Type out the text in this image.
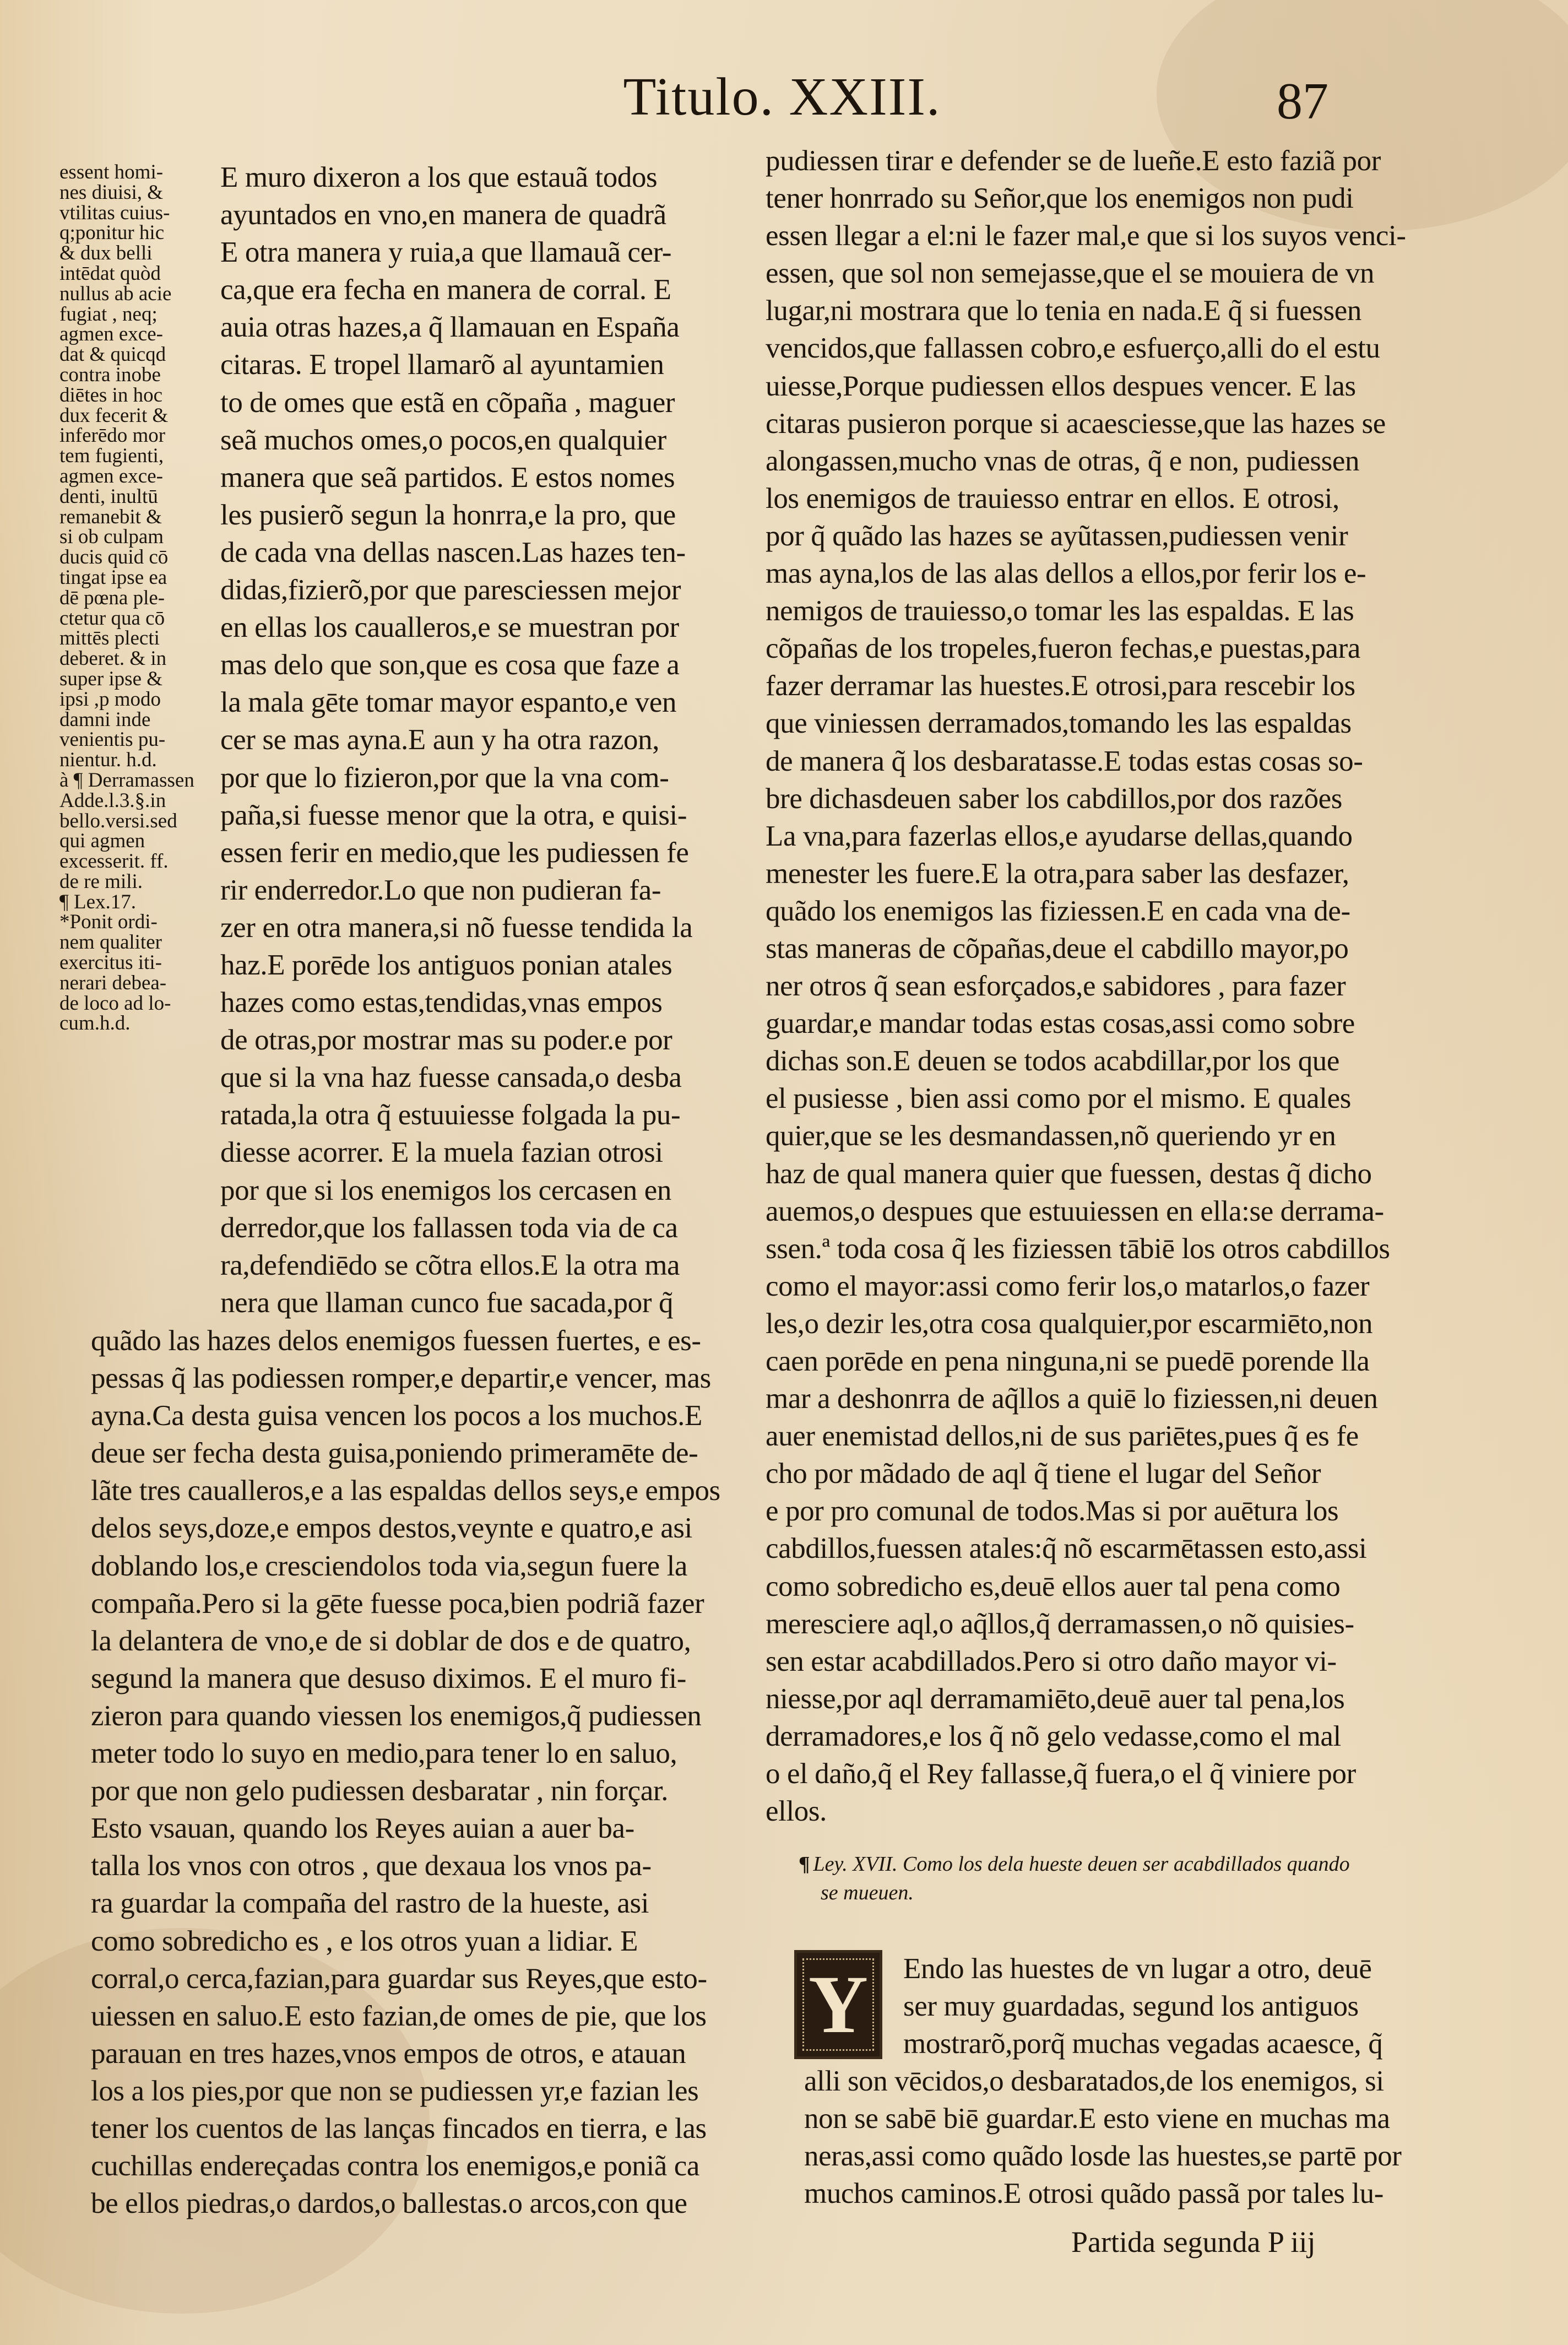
Titulo. XXIII.	87
essent homi-
nes diuisi, &
vtilitas cuius-
q;ponitur hic
& dux belli
intēdat quòd
nullus ab acie
fugiat , neq;
agmen exce-
dat & quicqd
contra inobe
diētes in hoc
dux fecerit &
inferēdo mor
tem fugienti,
agmen exce-
denti, inultū
remanebit &
si ob culpam
ducis quid cō
tingat ipse ea
dē pœna ple-
ctetur qua cō
mittēs plecti
deberet. & in
super ipse &
ipsi ,p modo
damni inde
venientis pu-
nientur. h.d.
à ¶ Derramassen
Adde.l.3.§.in
bello.versi.sed
qui agmen
excesserit. ff.
de re mili.
¶ Lex.17.
*Ponit ordi-
nem qualiter
exercitus iti-
nerari debea-
de loco ad lo-
cum.h.d.
E muro dixeron a los que estauã todos
ayuntados en vno,en manera de quadrã
E otra manera y ruia,a que llamauã cer-
ca,que era fecha en manera de corral. E
auia otras hazes,a q̃ llamauan en España
citaras. E tropel llamarõ al ayuntamien
to de omes que estã en cõpaña , maguer
seã muchos omes,o pocos,en qualquier
manera que seã partidos. E estos nomes
les pusierõ segun la honrra,e la pro, que
de cada vna dellas nascen.Las hazes ten-
didas,fizierõ,por que paresciessen mejor
en ellas los caualleros,e se muestran por
mas delo que son,que es cosa que faze a
la mala gēte tomar mayor espanto,e ven
cer se mas ayna.E aun y ha otra razon,
por que lo fizieron,por que la vna com-
paña,si fuesse menor que la otra, e quisi-
essen ferir en medio,que les pudiessen fe
rir enderredor.Lo que non pudieran fa-
zer en otra manera,si nõ fuesse tendida la
haz.E porēde los antiguos ponian atales
hazes como estas,tendidas,vnas empos
de otras,por mostrar mas su poder.e por
que si la vna haz fuesse cansada,o desba
ratada,la otra q̃ estuuiesse folgada la pu-
diesse acorrer. E la muela fazian otrosi
por que si los enemigos los cercasen en
derredor,que los fallassen toda via de ca
ra,defendiēdo se cõtra ellos.E la otra ma
nera que llaman cunco fue sacada,por q̃
quãdo las hazes delos enemigos fuessen fuertes, e es-
pessas q̃ las podiessen romper,e departir,e vencer, mas
ayna.Ca desta guisa vencen los pocos a los muchos.E
deue ser fecha desta guisa,poniendo primeramēte de-
lãte tres caualleros,e a las espaldas dellos seys,e empos
delos seys,doze,e empos destos,veynte e quatro,e asi
doblando los,e cresciendolos toda via,segun fuere la
compaña.Pero si la gēte fuesse poca,bien podriã fazer
la delantera de vno,e de si doblar de dos e de quatro,
segund la manera que desuso diximos. E el muro fi-
zieron para quando viessen los enemigos,q̃ pudiessen
meter todo lo suyo en medio,para tener lo en saluo,
por que non gelo pudiessen desbaratar , nin forçar.
Esto vsauan, quando los Reyes auian a auer ba-
talla los vnos con otros , que dexaua los vnos pa-
ra guardar la compaña del rastro de la hueste, asi
como sobredicho es , e los otros yuan a lidiar. E
corral,o cerca,fazian,para guardar sus Reyes,que esto-
uiessen en saluo.E esto fazian,de omes de pie, que los
parauan en tres hazes,vnos empos de otros, e atauan
los a los pies,por que non se pudiessen yr,e fazian les
tener los cuentos de las lanças fincados en tierra, e las
cuchillas endereçadas contra los enemigos,e poniã ca
be ellos piedras,o dardos,o ballestas.o arcos,con que
pudiessen tirar e defender se de lueñe.E esto faziã por
tener honrrado su Señor,que los enemigos non pudi
essen llegar a el:ni le fazer mal,e que si los suyos venci-
essen, que sol non semejasse,que el se mouiera de vn
lugar,ni mostrara que lo tenia en nada.E q̃ si fuessen
vencidos,que fallassen cobro,e esfuerço,alli do el estu
uiesse,Porque pudiessen ellos despues vencer. E las
citaras pusieron porque si acaesciesse,que las hazes se
alongassen,mucho vnas de otras, q̃ e non, pudiessen
los enemigos de trauiesso entrar en ellos. E otrosi,
por q̃ quãdo las hazes se ayũtassen,pudiessen venir
mas ayna,los de las alas dellos a ellos,por ferir los e-
nemigos de trauiesso,o tomar les las espaldas. E las
cõpañas de los tropeles,fueron fechas,e puestas,para
fazer derramar las huestes.E otrosi,para rescebir los
que viniessen derramados,tomando les las espaldas
de manera q̃ los desbaratasse.E todas estas cosas so-
bre dichasdeuen saber los cabdillos,por dos razões
La vna,para fazerlas ellos,e ayudarse dellas,quando
menester les fuere.E la otra,para saber las desfazer,
quãdo los enemigos las fiziessen.E en cada vna de-
stas maneras de cõpañas,deue el cabdillo mayor,po
ner otros q̃ sean esforçados,e sabidores , para fazer
guardar,e mandar todas estas cosas,assi como sobre
dichas son.E deuen se todos acabdillar,por los que
el pusiesse , bien assi como por el mismo. E quales
quier,que se les desmandassen,nõ queriendo yr en
haz de qual manera quier que fuessen, destas q̃ dicho
auemos,o despues que estuuiessen en ella:se derrama-
ssen.ª toda cosa q̃ les fiziessen tābiē los otros cabdillos
como el mayor:assi como ferir los,o matarlos,o fazer
les,o dezir les,otra cosa qualquier,por escarmiēto,non
caen porēde en pena ninguna,ni se puedē porende lla
mar a deshonrra de aq̃llos a quiē lo fiziessen,ni deuen
auer enemistad dellos,ni de sus pariētes,pues q̃ es fe
cho por mãdado de aql q̃ tiene el lugar del Señor
e por pro comunal de todos.Mas si por auētura los
cabdillos,fuessen atales:q̃ nõ escarmētassen esto,assi
como sobredicho es,deuē ellos auer tal pena como
meresciere aql,o aq̃llos,q̃ derramassen,o nõ quisies-
sen estar acabdillados.Pero si otro daño mayor vi-
niesse,por aql derramamiēto,deuē auer tal pena,los
derramadores,e los q̃ nõ gelo vedasse,como el mal
o el daño,q̃ el Rey fallasse,q̃ fuera,o el q̃ viniere por
ellos.
¶ Ley. XVII. Como los dela hueste deuen ser acabdillados quando
se mueuen.
Y	Endo las huestes de vn lugar a otro, deuē
ser muy guardadas, segund los antiguos
mostrarõ,porq̃ muchas vegadas acaesce, q̃
alli son vēcidos,o desbaratados,de los enemigos, si
non se sabē biē guardar.E esto viene en muchas ma
neras,assi como quãdo losde las huestes,se partē por
muchos caminos.E otrosi quãdo passã por tales lu-
Partida segunda P iij
